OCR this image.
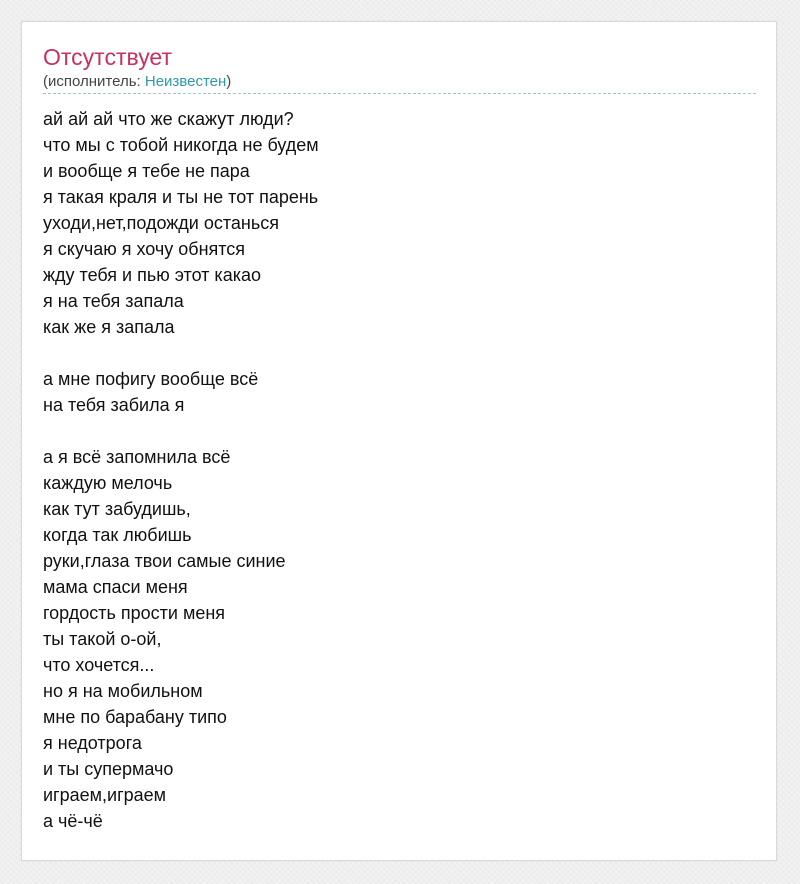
Отсутствует
(исполнитель: Неизвестен)
ай ай ай что же скажут люди?
что мы с тобой никогда не будем
и вообще я тебе не пара
я такая краля и ты не тот парень
уходи,нет,подожди останься
я скучаю я хочу обнятся
жду тебя и пью этот какао
я на тебя запала
как же я запала
а мне пофигу вообще всё
на тебя забила я
а я всё запомнила всё
каждую мелочь
как тут забудишь,
когда так любишь
руки,глаза твои самые синие
мама спаси меня
гордость прости меня
ты такой о-ой,
что хочется...
но я на мобильном
мне по барабану типо
я недотрога
и ты супермачо
играем,играем
а чё-чё
